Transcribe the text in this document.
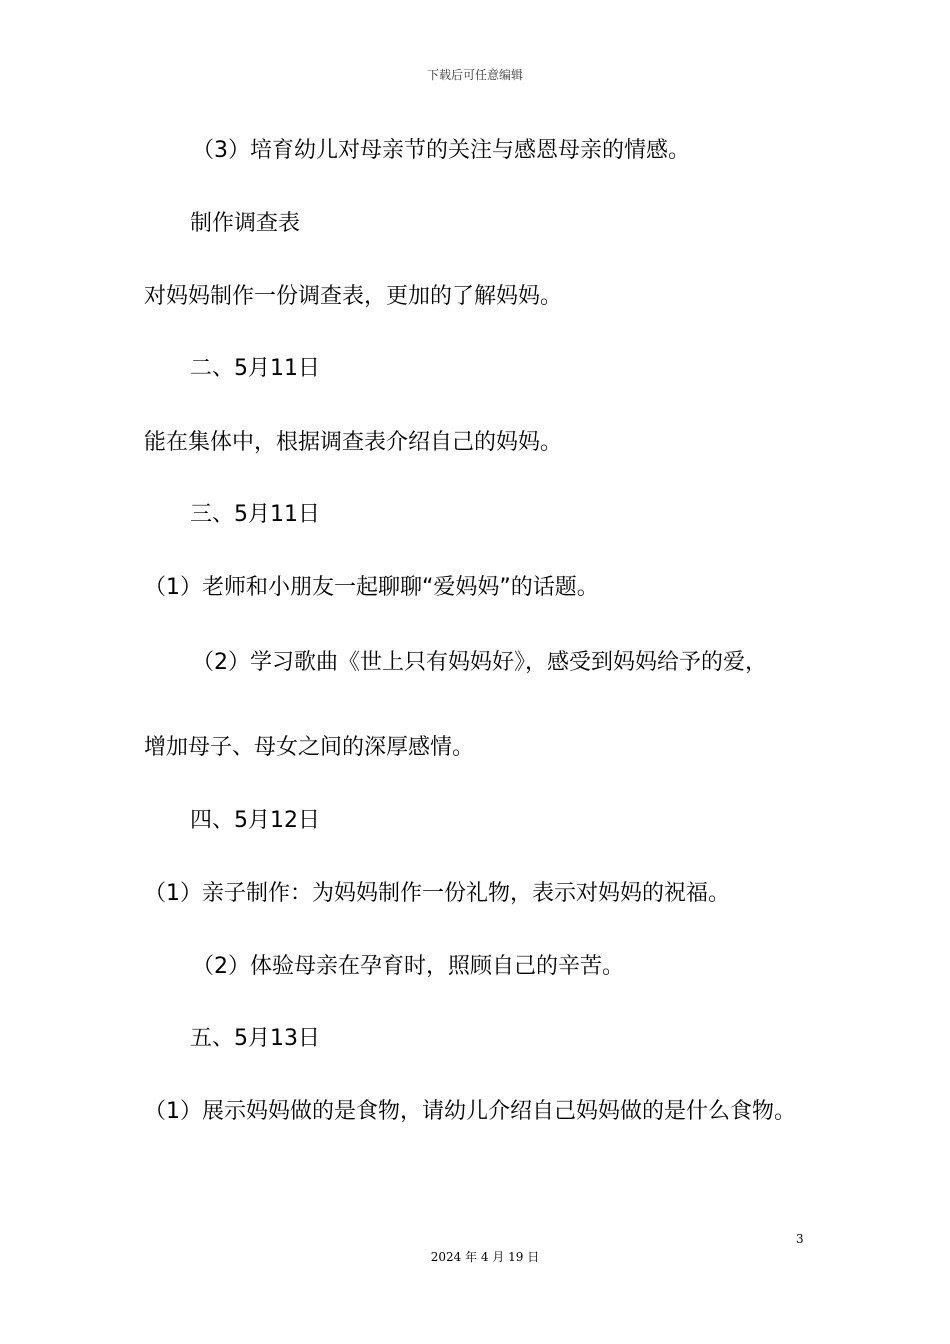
下载后可任意编辑
（3）培育幼儿对母亲节的关注与感恩母亲的情感。
制作调查表
对妈妈制作一份调查表，更加的了解妈妈。
二、5月11日
能在集体中，根据调查表介绍自己的妈妈。
三、5月11日
（1）老师和小朋友一起聊聊“爱妈妈”的话题。
（2）学习歌曲《世上只有妈妈好》，感受到妈妈给予的爱，
增加母子、母女之间的深厚感情。
四、5月12日
（1）亲子制作：为妈妈制作一份礼物，表示对妈妈的祝福。
（2）体验母亲在孕育时，照顾自己的辛苦。
五、5月13日
（1）展示妈妈做的是食物，请幼儿介绍自己妈妈做的是什么食物。
3
2024 年 4 月 19 日
